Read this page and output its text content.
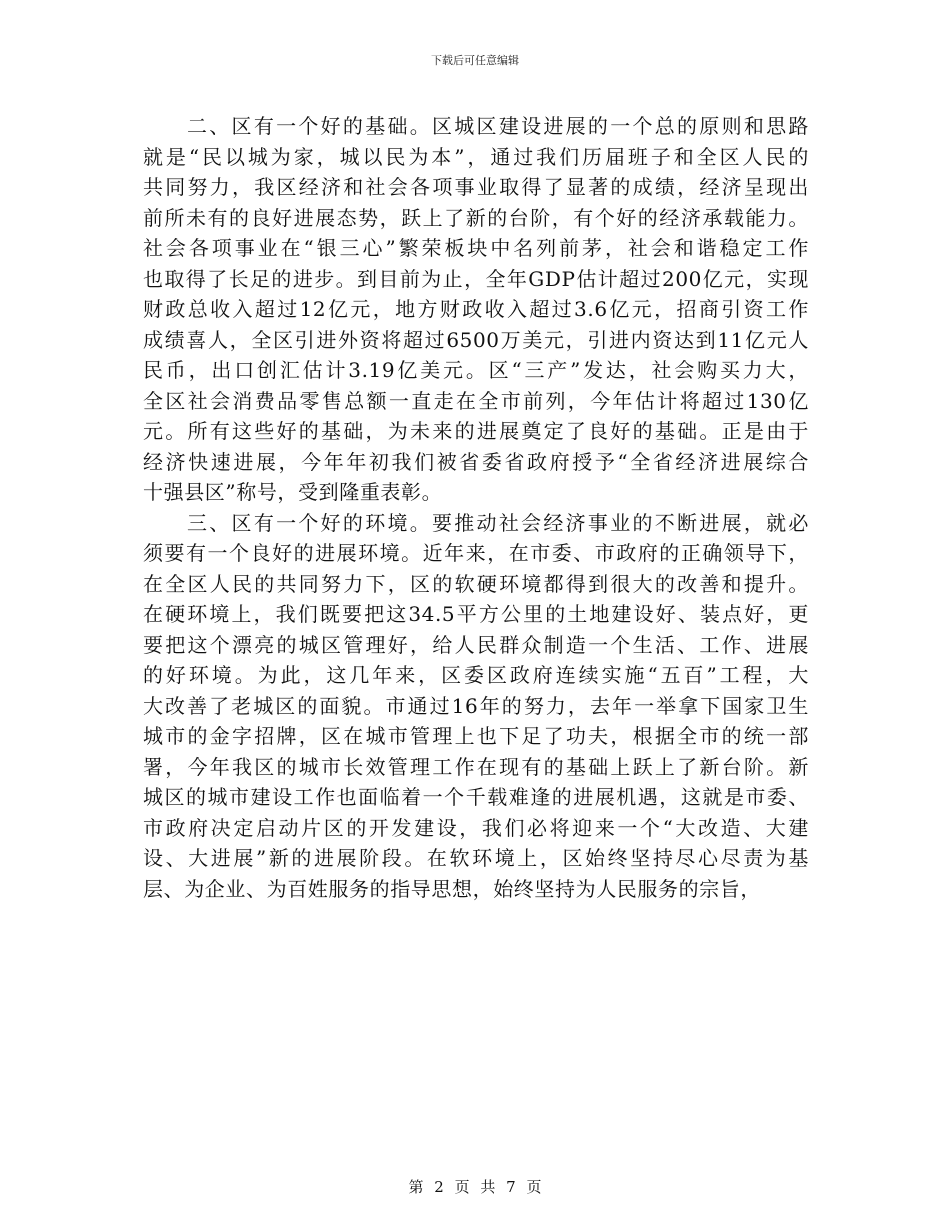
下载后可任意编辑

二、区有一个好的基础。区城区建设进展的一个总的原则和思路
就是“民以城为家，城以民为本”，通过我们历届班子和全区人民的
共同努力，我区经济和社会各项事业取得了显著的成绩，经济呈现出
前所未有的良好进展态势，跃上了新的台阶，有个好的经济承载能力。
社会各项事业在“银三心”繁荣板块中名列前茅，社会和谐稳定工作
也取得了长足的进步。到目前为止，全年GDP估计超过200亿元，实现
财政总收入超过12亿元，地方财政收入超过3.6亿元，招商引资工作
成绩喜人，全区引进外资将超过6500万美元，引进内资达到11亿元人
民币，出口创汇估计3.19亿美元。区“三产”发达，社会购买力大，
全区社会消费品零售总额一直走在全市前列，今年估计将超过130亿
元。所有这些好的基础，为未来的进展奠定了良好的基础。正是由于
经济快速进展，今年年初我们被省委省政府授予“全省经济进展综合
十强县区”称号，受到隆重表彰。

三、区有一个好的环境。要推动社会经济事业的不断进展，就必
须要有一个良好的进展环境。近年来，在市委、市政府的正确领导下，
在全区人民的共同努力下，区的软硬环境都得到很大的改善和提升。
在硬环境上，我们既要把这34.5平方公里的土地建设好、装点好，更
要把这个漂亮的城区管理好，给人民群众制造一个生活、工作、进展
的好环境。为此，这几年来，区委区政府连续实施“五百”工程，大
大改善了老城区的面貌。市通过16年的努力，去年一举拿下国家卫生
城市的金字招牌，区在城市管理上也下足了功夫，根据全市的统一部
署，今年我区的城市长效管理工作在现有的基础上跃上了新台阶。新
城区的城市建设工作也面临着一个千载难逢的进展机遇，这就是市委、
市政府决定启动片区的开发建设，我们必将迎来一个“大改造、大建
设、大进展”新的进展阶段。在软环境上，区始终坚持尽心尽责为基
层、为企业、为百姓服务的指导思想，始终坚持为人民服务的宗旨，

第 2 页 共 7 页
